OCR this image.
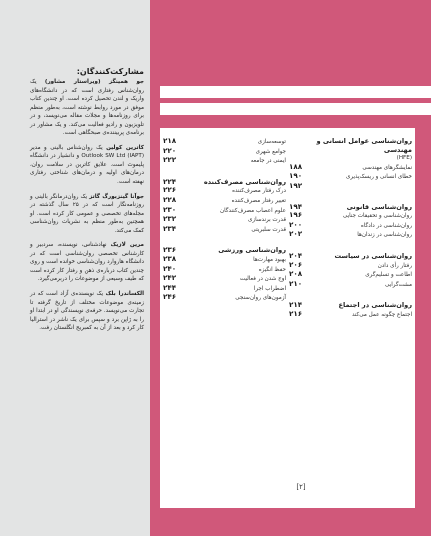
مشارکت‌کنندگان:

جو همینگز (ویراستار مشاور) یک روان‌شناس رفتاری است که در دانشگاه‌های واریک و لندن تحصیل کرده است. او چندین کتاب موفق در مورد روابط نوشته است، به‌طور منظم برای روزنامه‌ها و مجلات مقاله می‌نویسد، و در تلویزیون و رادیو فعالیت می‌کند. و یک مشاور در برنامه‌ی پربیننده‌ی صبحگاهی است.

کاترین کولین یک روان‌شناس بالینی و مدیر Outlook SW Ltd (IAPT) و دانشیار در دانشگاه پلیموث است. علایق کاترین در سلامت روان، درمان‌های اولیه و درمان‌های شناختی رفتاری نهفته است.

جوآنا گینزبورگ گاتز یک روان‌درمانگر بالینی و روزنامه‌نگار است که در ۲۵ سال گذشته در مجله‌های تخصصی و عمومی کار کرده است. او همچنین به‌طور منظم به نشریات روان‌شناسی کمک می‌کند.

مرین لازیک نهاد‌شناس، نویسنده، سردبیر و کارشناس تخصصی روان‌شناسی است که در دانشگاه هاروارد روان‌شناسی خوانده است و روی چندین کتاب درباره‌ی ذهن و رفتار کار کرده است که طیف وسیعی از موضوعات را دربرمی‌گیرد.

الکساندرا بلک یک نویسنده‌ی آزاد است که در زمینه‌ی موضوعات مختلف از تاریخ گرفته تا تجارت می‌نویسد. حرفه‌ی نویسندگی او در ابتدا او را به ژاپن برد و سپس برای یک ناشر در استرالیا کار کرد و بعد از آن به کمبریج انگلستان رفت.

روان‌شناسی عوامل انسانی و مهندسی
(HFE)
نمایشگرهای مهندسی
۱۸۸
خطای انسانی و ریسک‌پذیری
۱۹۰
۱۹۲
روان‌شناسی قانونی
۱۹۴
روان‌شناسی و تحقیقات جنایی
۱۹۶
روان‌شناسی در دادگاه
۲۰۰
روان‌شناسی در زندان‌ها
۲۰۲
روان‌شناسی در سیاست
۲۰۴
رفتار رأی دادن
۲۰۶
اطاعت و تسلیم‌گری
۲۰۸
مشت‌گرایی
۲۱۰
روان‌شناسی در اجتماع
۲۱۴
اجتماع چگونه عمل می‌کند
۲۱۶
توسعه‌سازی
۲۱۸
جوامع شهری
۲۲۰
ایمنی در جامعه
۲۲۲
روان‌شناسی مصرف‌کننده
۲۲۴
درک رفتار مصرف‌کننده
۲۲۶
تغییر رفتار مصرف‌کننده
۲۲۸
علوم اعصاب مصرف‌کنندگان
۲۳۰
قدرت برندسازی
۲۳۲
قدرت سلبریتی
۲۳۴
روان‌شناسی ورزشی
۲۳۶
بهبود مهارت‌ها
۲۳۸
حفظ انگیزه
۲۴۰
اوج شدن در فعالیت
۲۴۲
اضطراب اجرا
۲۴۴
آزمون‌های روان‌سنجی
۲۴۶
[۲]
